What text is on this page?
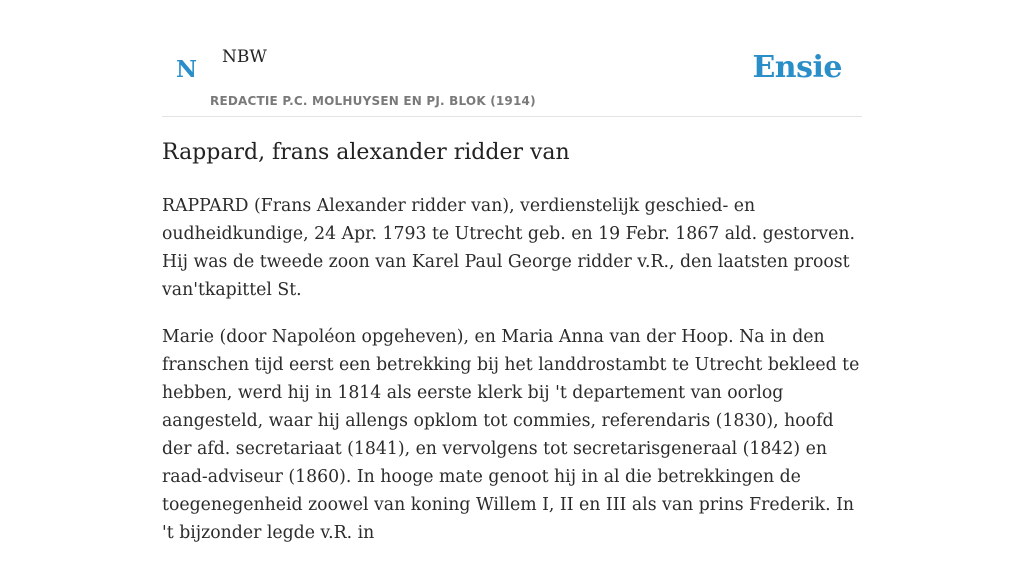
N NBW
REDACTIE P.C. MOLHUYSEN EN PJ. BLOK (1914)
Ensie
Rappard, frans alexander ridder van

RAPPARD (Frans Alexander ridder van), verdienstelijk geschied- en oudheidkundige, 24 Apr. 1793 te Utrecht geb. en 19 Febr. 1867 ald. gestorven. Hij was de tweede zoon van Karel Paul George ridder v.R., den laatsten proost van'tkapittel St.

Marie (door Napoléon opgeheven), en Maria Anna van der Hoop. Na in den franschen tijd eerst een betrekking bij het landdrostambt te Utrecht bekleed te hebben, werd hij in 1814 als eerste klerk bij 't departement van oorlog aangesteld, waar hij allengs opklom tot commies, referendaris (1830), hoofd der afd. secretariaat (1841), en vervolgens tot secretarisgeneraal (1842) en raad-adviseur (1860). In hooge mate genoot hij in al die betrekkingen de toegenegenheid zoowel van koning Willem I, II en III als van prins Frederik. In 't bijzonder legde v.R. in
